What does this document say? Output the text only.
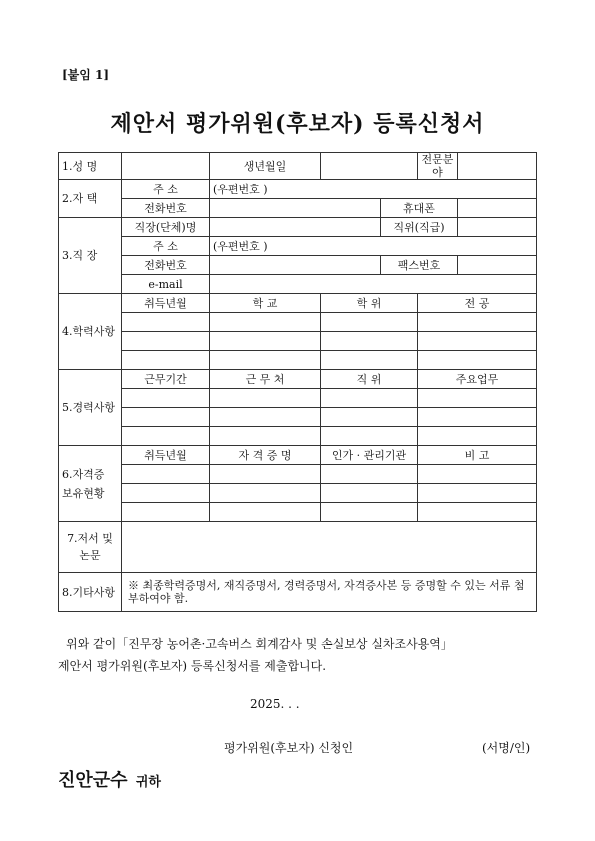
[붙임 1]
제안서 평가위원(후보자) 등록신청서
1.성 명		생년월일			전문분야	
2.자 택	주 소	(우편번호 )				
	전화번호			휴대폰		
3.직 장	직장(단체)명			직위(직급)		
	주 소	(우편번호 )				
	전화번호			팩스번호		
	e-mail					
4.학력사항	취득년월	학 교	학 위		전 공	

5.경력사항	근무기간	근 무 처	직 위		주요업무	

6.자격증
보유현황	취득년월	자 격 증 명	인가 · 관리기관		비 고	

7.저서 및
논문						

8.기타사항	※ 최종학력증명서, 재직증명서, 경력증명서, 자격증사본 등 증명할 수 있는 서류 첨부하여야 함.					

위와 같이「진무장 농어촌·고속버스 회계감사 및 손실보상 실차조사용역」

제안서 평가위원(후보자) 등록신청서를 제출합니다.

2025. . .
평가위원(후보자) 신청인	(서명/인)
진안군수 귀하
